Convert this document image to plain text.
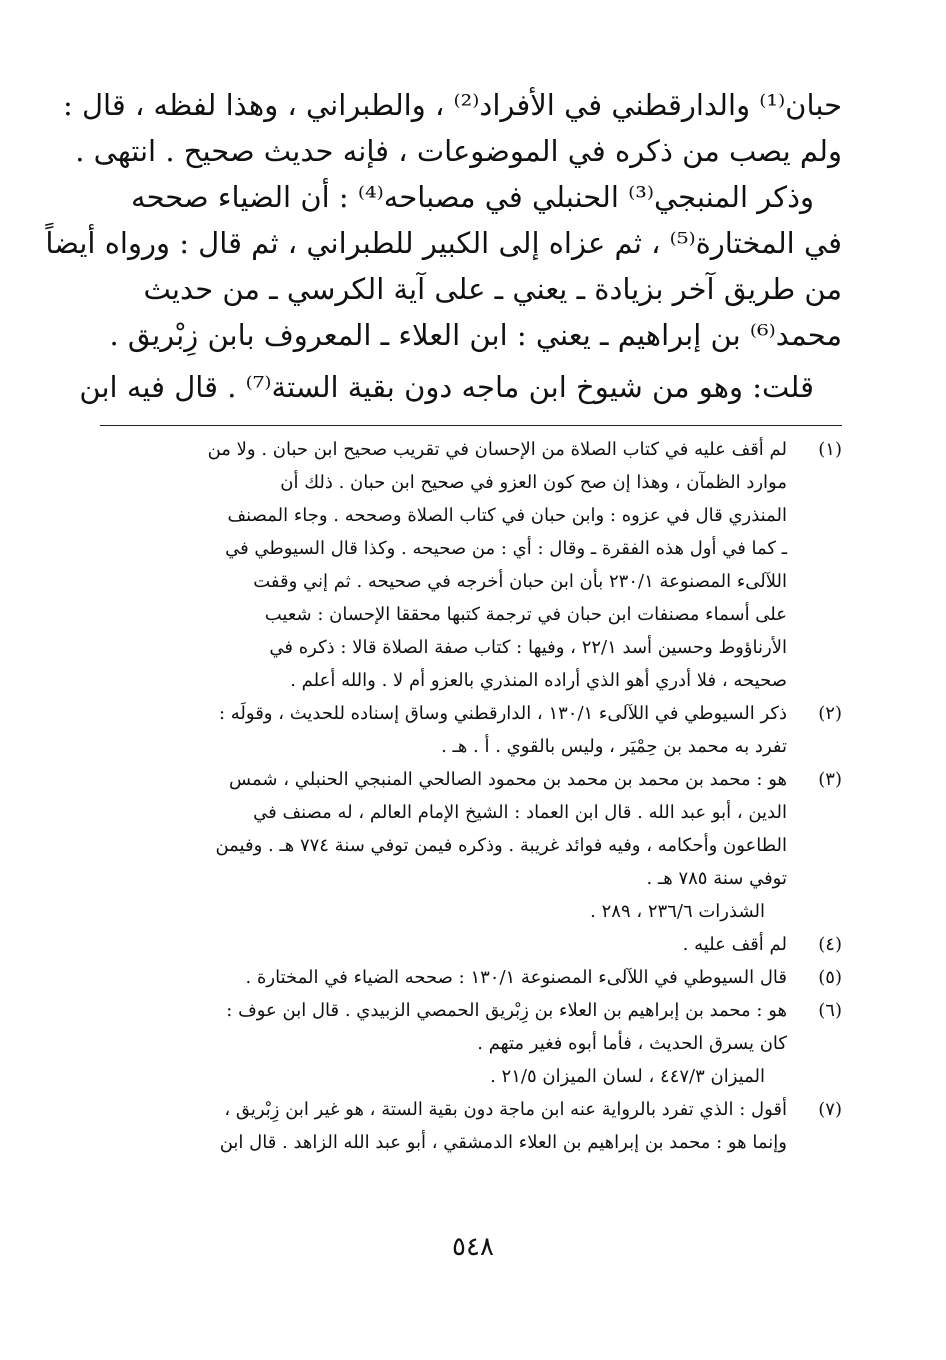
حبان⁽¹⁾ والدارقطني في الأفراد⁽²⁾ ، والطبراني ، وهذا لفظه ، قال :
ولم يصب من ذكره في الموضوعات ، فإنه حديث صحيح . انتهى .
وذكر المنبجي⁽³⁾ الحنبلي في مصباحه⁽⁴⁾ : أن الضياء صححه
في المختارة⁽⁵⁾ ، ثم عزاه إلى الكبير للطبراني ، ثم قال : ورواه أيضاً
من طريق آخر بزيادة ـ يعني ـ على آية الكرسي ـ من حديث
محمد⁽⁶⁾ بن إبراهيم ـ يعني : ابن العلاء ـ المعروف بابن زِبْريق .
قلت: وهو من شيوخ ابن ماجه دون بقية الستة⁽⁷⁾ . قال فيه ابن
(١)
لم أقف عليه في كتاب الصلاة من الإحسان في تقريب صحيح ابن حبان . ولا من
موارد الظمآن ، وهذا إن صح كون العزو في صحيح ابن حبان . ذلك أن
المنذري قال في عزوه : وابن حبان في كتاب الصلاة وصححه . وجاء المصنف
ـ كما في أول هذه الفقرة ـ وقال : أي : من صحيحه . وكذا قال السيوطي في
اللآلىء المصنوعة ٢٣٠/١ بأن ابن حبان أخرجه في صحيحه . ثم إني وقفت
على أسماء مصنفات ابن حبان في ترجمة كتبها محققا الإحسان : شعيب
الأرناؤوط وحسين أسد ٢٢/١ ، وفيها : كتاب صفة الصلاة قالا : ذكره في
صحيحه ، فلا أدري أهو الذي أراده المنذري بالعزو أم لا . والله أعلم .
(٢)
ذكر السيوطي في اللآلىء ١٣٠/١ ، الدارقطني وساق إسناده للحديث ، وقولَه :
تفرد به محمد بن حِمْيَر ، وليس بالقوي . أ . هـ .
(٣)
هو : محمد بن محمد بن محمد بن محمود الصالحي المنبجي الحنبلي ، شمس
الدين ، أبو عبد الله . قال ابن العماد : الشيخ الإمام العالم ، له مصنف في
الطاعون وأحكامه ، وفيه فوائد غريبة . وذكره فيمن توفي سنة ٧٧٤ هـ . وفيمن
توفي سنة ٧٨٥ هـ .
الشذرات ٢٣٦/٦ ، ٢٨٩ .
(٤)
لم أقف عليه .
(٥)
قال السيوطي في اللآلىء المصنوعة ١٣٠/١ : صححه الضياء في المختارة .
(٦)
هو : محمد بن إبراهيم بن العلاء بن زِبْريق الحمصي الزبيدي . قال ابن عوف :
كان يسرق الحديث ، فأما أبوه فغير متهم .
الميزان ٤٤٧/٣ ، لسان الميزان ٢١/٥ .
(٧)
أقول : الذي تفرد بالرواية عنه ابن ماجة دون بقية الستة ، هو غير ابن زِبْريق ،
وإنما هو : محمد بن إبراهيم بن العلاء الدمشقي ، أبو عبد الله الزاهد . قال ابن
٥٤٨
